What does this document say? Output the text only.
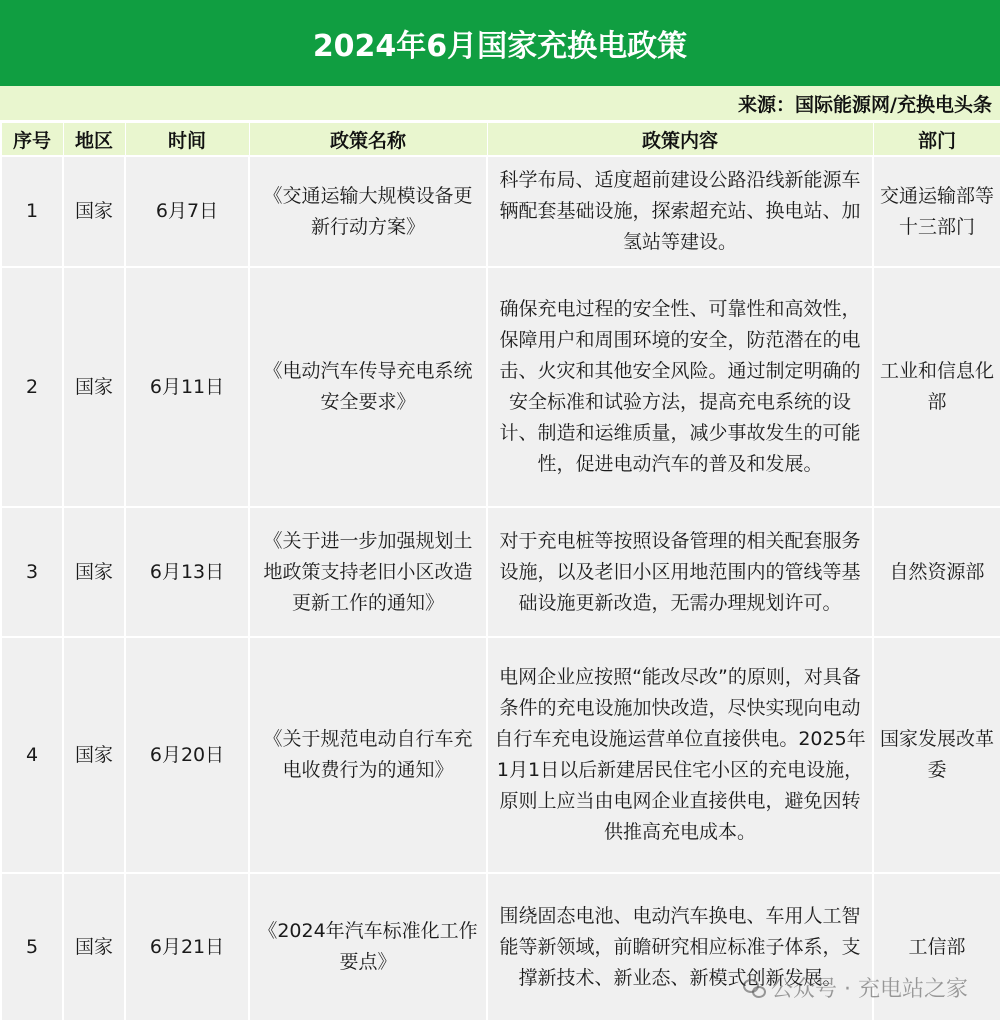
2024年6月国家充换电政策
来源：国际能源网/充换电头条
序号	地区	时间	政策名称	政策内容	部门
1	国家	6月7日	《交通运输大规模设备更新行动方案》	科学布局、适度超前建设公路沿线新能源车辆配套基础设施，探索超充站、换电站、加氢站等建设。	交通运输部等十三部门
2	国家	6月11日	《电动汽车传导充电系统安全要求》	确保充电过程的安全性、可靠性和高效性，保障用户和周围环境的安全，防范潜在的电击、火灾和其他安全风险。通过制定明确的安全标准和试验方法，提高充电系统的设计、制造和运维质量，减少事故发生的可能性，促进电动汽车的普及和发展。	工业和信息化部
3	国家	6月13日	《关于进一步加强规划土地政策支持老旧小区改造更新工作的通知》	对于充电桩等按照设备管理的相关配套服务设施，以及老旧小区用地范围内的管线等基础设施更新改造，无需办理规划许可。	自然资源部
4	国家	6月20日	《关于规范电动自行车充电收费行为的通知》	电网企业应按照“能改尽改”的原则，对具备条件的充电设施加快改造，尽快实现向电动自行车充电设施运营单位直接供电。2025年1月1日以后新建居民住宅小区的充电设施，原则上应当由电网企业直接供电，避免因转供推高充电成本。	国家发展改革委
5	国家	6月21日	《2024年汽车标准化工作要点》	围绕固态电池、电动汽车换电、车用人工智能等新领域，前瞻研究相应标准子体系，支撑新技术、新业态、新模式创新发展。	工信部
公众号 · 充电站之家
